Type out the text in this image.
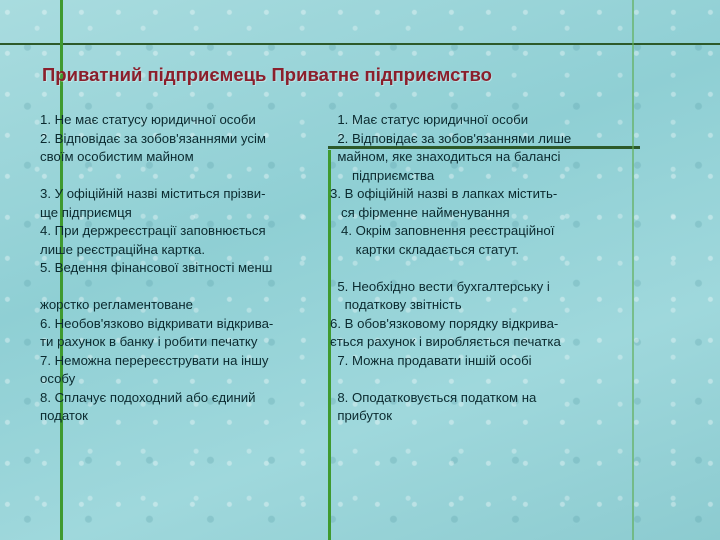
Приватний підприємець Приватне підприємство
1. Не має статусу юридичної особи
2. Відповідає за зобов'язаннями усім
своїм особистим майном
3. У офіційній назві міститься прізви-
ще підприємця
4. При держреєстрації заповнюється
лише реєстраційна картка.
5. Ведення фінансової звітності менш
жорстко регламентоване
6. Необов'язково відкривати відкрива-
ти рахунок в банку і робити печатку
7. Неможна перереєструвати на іншу
особу
8. Сплачує подоходний або єдиний
податок
1. Має статус юридичної особи
2. Відповідає за зобов'язаннями лише
майном, яке знаходиться на балансі
підприємства
3. В офіційній назві в лапках містить-
ся фірменне найменування
4. Окрім заповнення реєстраційної
картки складається статут.
5. Необхідно вести бухгалтерську і
податкову звітність
6. В обов'язковому порядку відкрива-
ється рахунок і виробляється печатка
7. Можна продавати іншій особі
8. Оподатковується податком на
прибуток
